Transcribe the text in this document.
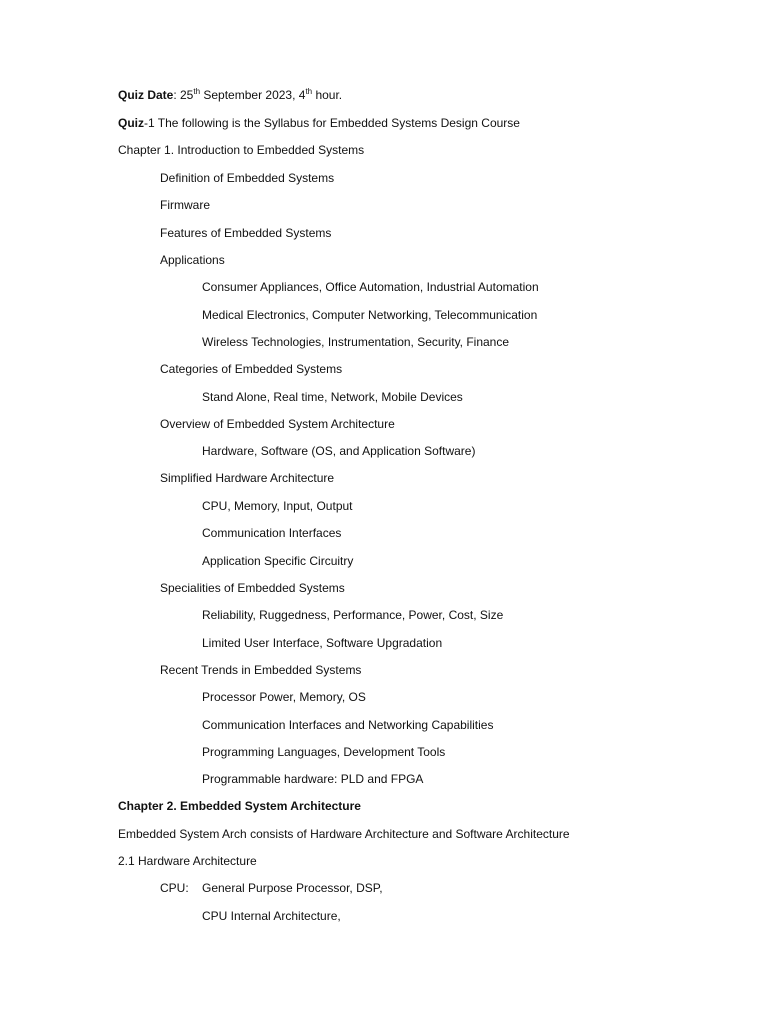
Quiz Date: 25th September 2023, 4th hour.
Quiz-1 The following is the Syllabus for Embedded Systems Design Course
Chapter 1. Introduction to Embedded Systems
Definition of Embedded Systems
Firmware
Features of Embedded Systems
Applications
Consumer Appliances, Office Automation, Industrial Automation
Medical Electronics, Computer Networking, Telecommunication
Wireless Technologies, Instrumentation, Security, Finance
Categories of Embedded Systems
Stand Alone, Real time, Network, Mobile Devices
Overview of Embedded System Architecture
Hardware, Software (OS, and Application Software)
Simplified Hardware Architecture
CPU, Memory, Input, Output
Communication Interfaces
Application Specific Circuitry
Specialities of Embedded Systems
Reliability, Ruggedness, Performance, Power, Cost, Size
Limited User Interface, Software Upgradation
Recent Trends in Embedded Systems
Processor Power, Memory, OS
Communication Interfaces and Networking Capabilities
Programming Languages, Development Tools
Programmable hardware: PLD and FPGA
Chapter 2. Embedded System Architecture
Embedded System Arch consists of Hardware Architecture and Software Architecture
2.1 Hardware Architecture
CPU: General Purpose Processor, DSP,
CPU Internal Architecture,
